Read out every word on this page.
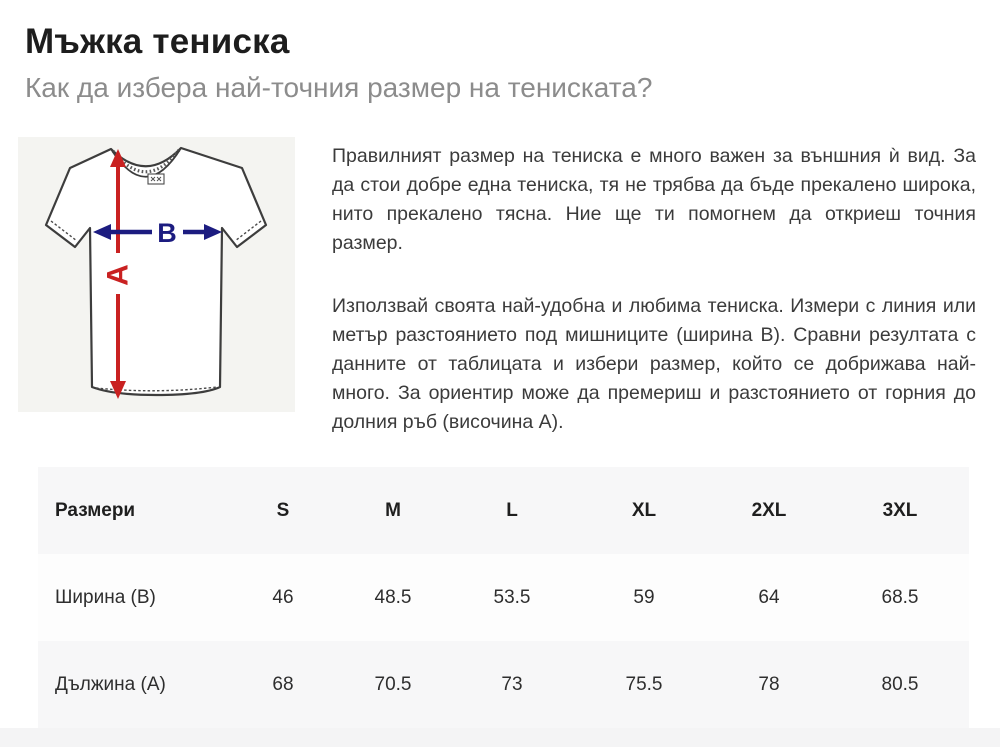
Мъжка тениска
Как да избера най-точния размер на тениската?
A
B

Правилният размер на тениска е много важен за външния ѝ вид. За да стои добре една тениска, тя не трябва да бъде прекалено широка, нито прекалено тясна. Ние ще ти помогнем да откриеш точния размер.

Използвай своята най-удобна и любима тениска. Измери с линия или метър разстоянието под мишниците (ширина B). Сравни резултата с данните от таблицата и избери размер, който се добрижава най-много. За ориентир може да премериш и разстоянието от горния до долния ръб (височина A).

Размери	S	M	L	XL	2XL	3XL
Ширина (B)	46	48.5	53.5	59	64	68.5
Дължина (A)	68	70.5	73	75.5	78	80.5
